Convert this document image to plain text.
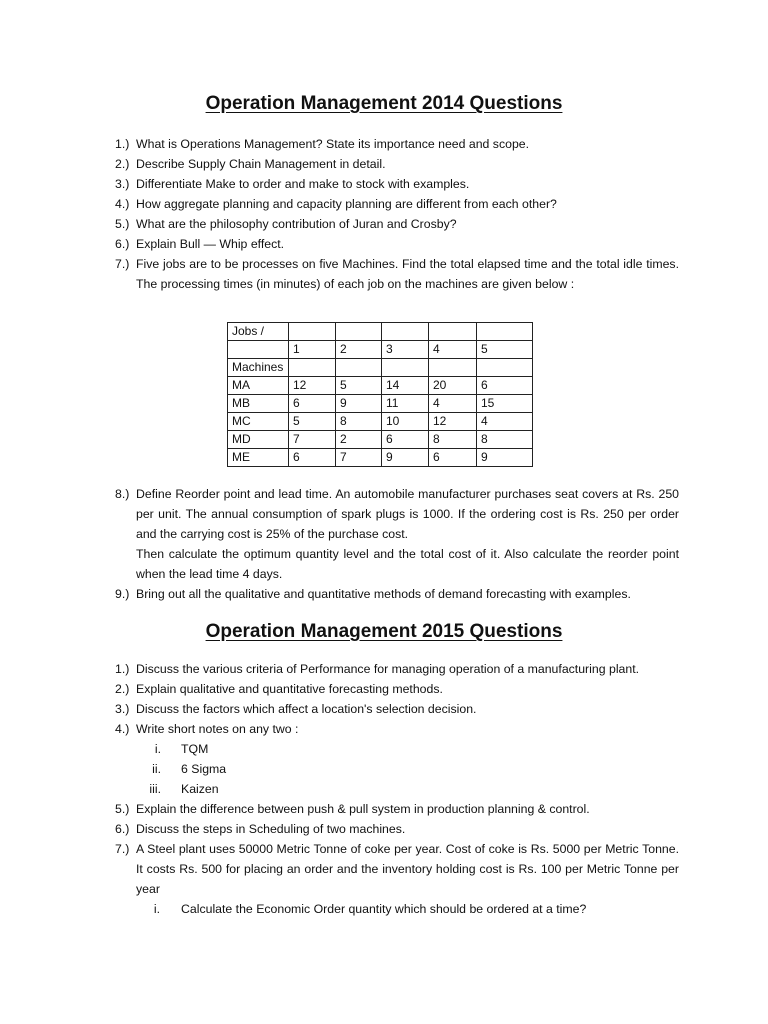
Operation Management 2014 Questions
1.) What is Operations Management? State its importance need and scope.
2.) Describe Supply Chain Management in detail.
3.) Differentiate Make to order and make to stock with examples.
4.) How aggregate planning and capacity planning are different from each other?
5.) What are the philosophy contribution of Juran and Crosby?
6.) Explain Bull — Whip effect.
7.) Five jobs are to be processes on five Machines. Find the total elapsed time and the total idle times. The processing times (in minutes) of each job on the machines are given below :
Jobs /					
	1	2	3	4	5
Machines					
MA	12	5	14	20	6
MB	6	9	11	4	15
MC	5	8	10	12	4
MD	7	2	6	8	8
ME	6	7	9	6	9
8.) Define Reorder point and lead time. An automobile manufacturer purchases seat covers at Rs. 250 per unit. The annual consumption of spark plugs is 1000. If the ordering cost is Rs. 250 per order and the carrying cost is 25% of the purchase cost.
Then calculate the optimum quantity level and the total cost of it. Also calculate the reorder point when the lead time 4 days.
9.) Bring out all the qualitative and quantitative methods of demand forecasting with examples.
Operation Management 2015 Questions
1.) Discuss the various criteria of Performance for managing operation of a manufacturing plant.
2.) Explain qualitative and quantitative forecasting methods.
3.) Discuss the factors which affect a location's selection decision.
4.) Write short notes on any two :
i. TQM
ii. 6 Sigma
iii. Kaizen
5.) Explain the difference between push & pull system in production planning & control.
6.) Discuss the steps in Scheduling of two machines.
7.) A Steel plant uses 50000 Metric Tonne of coke per year. Cost of coke is Rs. 5000 per Metric Tonne. It costs Rs. 500 for placing an order and the inventory holding cost is Rs. 100 per Metric Tonne per year
i. Calculate the Economic Order quantity which should be ordered at a time?
